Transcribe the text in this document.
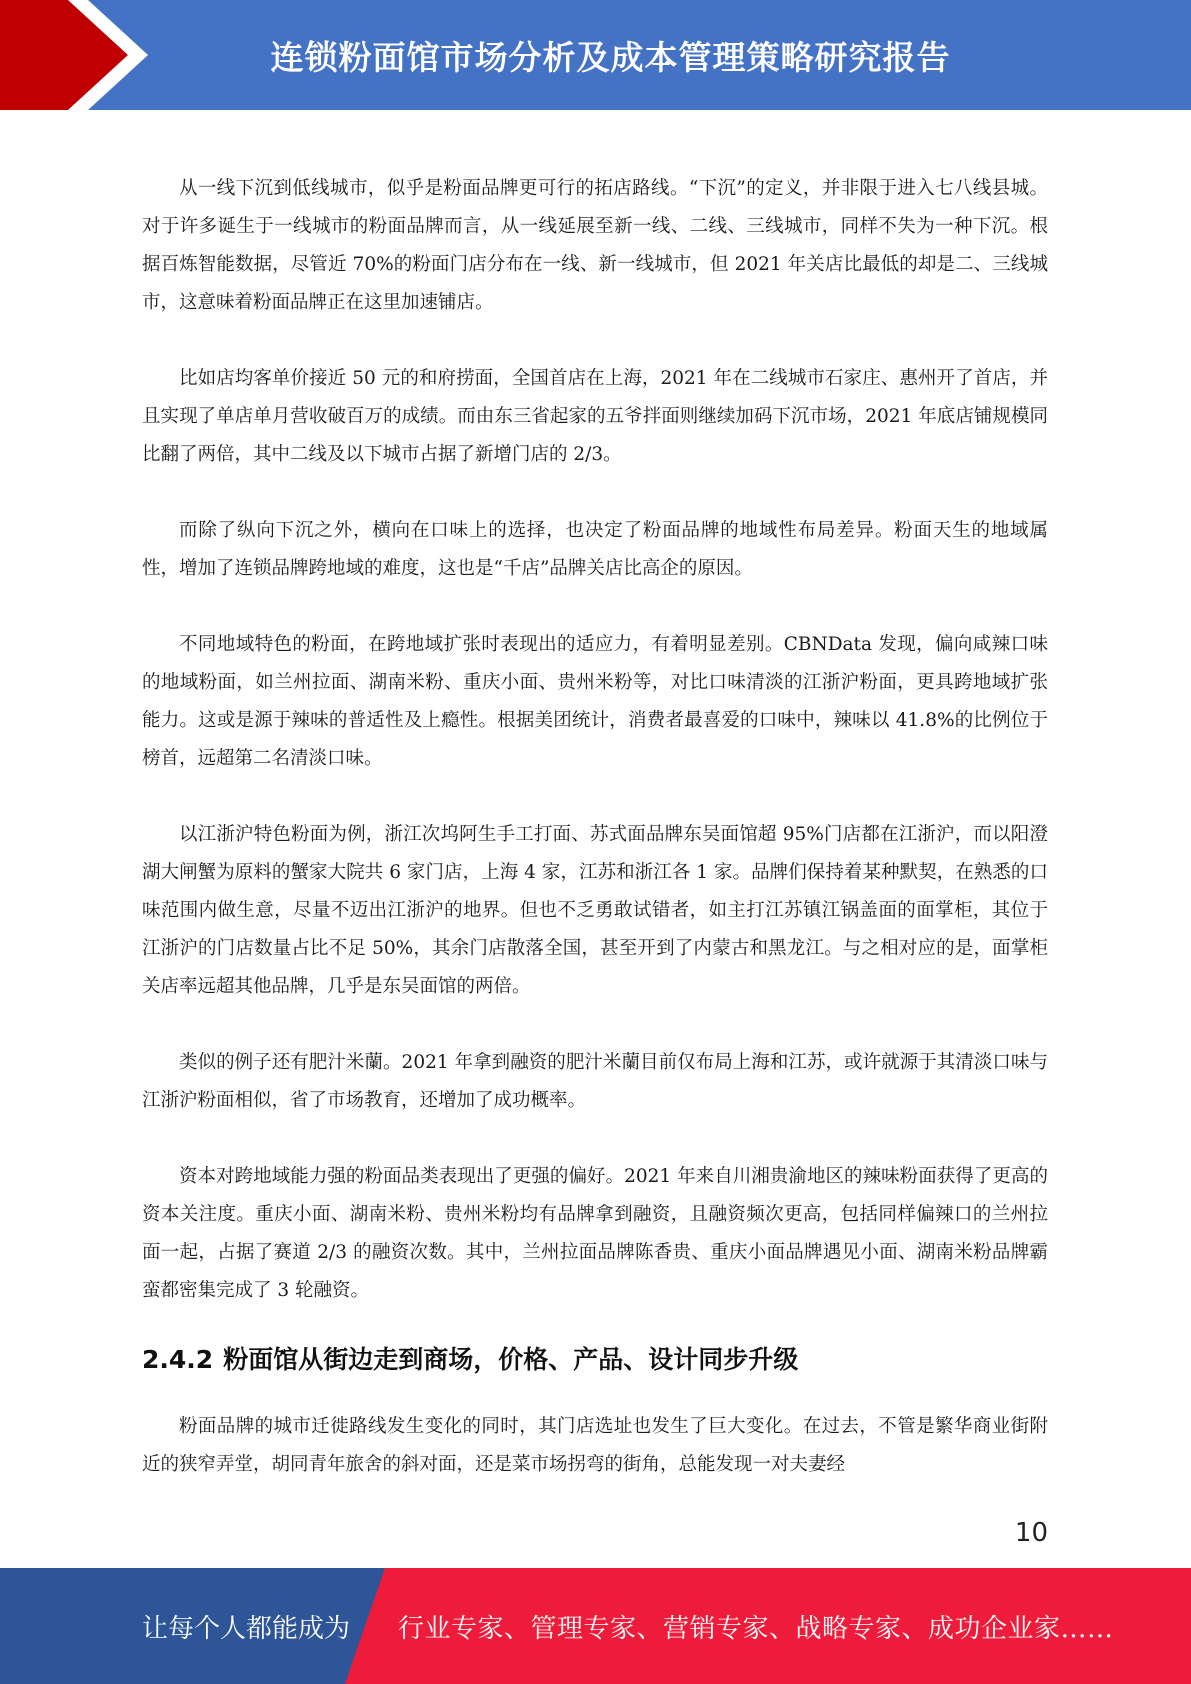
连锁粉面馆市场分析及成本管理策略研究报告

从一线下沉到低线城市，似乎是粉面品牌更可行的拓店路线。“下沉”的定义，并非限于进入七八线县城。对于许多诞生于一线城市的粉面品牌而言，从一线延展至新一线、二线、三线城市，同样不失为一种下沉。根据百炼智能数据，尽管近 70%的粉面门店分布在一线、新一线城市，但 2021 年关店比最低的却是二、三线城市，这意味着粉面品牌正在这里加速铺店。

比如店均客单价接近 50 元的和府捞面，全国首店在上海，2021 年在二线城市石家庄、惠州开了首店，并且实现了单店单月营收破百万的成绩。而由东三省起家的五爷拌面则继续加码下沉市场，2021 年底店铺规模同比翻了两倍，其中二线及以下城市占据了新增门店的 2/3。

而除了纵向下沉之外，横向在口味上的选择，也决定了粉面品牌的地域性布局差异。粉面天生的地域属性，增加了连锁品牌跨地域的难度，这也是“千店”品牌关店比高企的原因。

不同地域特色的粉面，在跨地域扩张时表现出的适应力，有着明显差别。CBNData 发现，偏向咸辣口味的地域粉面，如兰州拉面、湖南米粉、重庆小面、贵州米粉等，对比口味清淡的江浙沪粉面，更具跨地域扩张能力。这或是源于辣味的普适性及上瘾性。根据美团统计，消费者最喜爱的口味中，辣味以 41.8%的比例位于榜首，远超第二名清淡口味。

以江浙沪特色粉面为例，浙江次坞阿生手工打面、苏式面品牌东吴面馆超 95%门店都在江浙沪，而以阳澄湖大闸蟹为原料的蟹家大院共 6 家门店，上海 4 家，江苏和浙江各 1 家。品牌们保持着某种默契，在熟悉的口味范围内做生意，尽量不迈出江浙沪的地界。但也不乏勇敢试错者，如主打江苏镇江锅盖面的面掌柜，其位于江浙沪的门店数量占比不足 50%，其余门店散落全国，甚至开到了内蒙古和黑龙江。与之相对应的是，面掌柜关店率远超其他品牌，几乎是东吴面馆的两倍。

类似的例子还有肥汁米蘭。2021 年拿到融资的肥汁米蘭目前仅布局上海和江苏，或许就源于其清淡口味与江浙沪粉面相似，省了市场教育，还增加了成功概率。

资本对跨地域能力强的粉面品类表现出了更强的偏好。2021 年来自川湘贵渝地区的辣味粉面获得了更高的资本关注度。重庆小面、湖南米粉、贵州米粉均有品牌拿到融资，且融资频次更高，包括同样偏辣口的兰州拉面一起，占据了赛道 2/3 的融资次数。其中，兰州拉面品牌陈香贵、重庆小面品牌遇见小面、湖南米粉品牌霸蛮都密集完成了 3 轮融资。

2.4.2 粉面馆从街边走到商场，价格、产品、设计同步升级

粉面品牌的城市迁徙路线发生变化的同时，其门店选址也发生了巨大变化。在过去，不管是繁华商业街附近的狭窄弄堂，胡同青年旅舍的斜对面，还是菜市场拐弯的街角，总能发现一对夫妻经

10
让每个人都能成为 行业专家、管理专家、营销专家、战略专家、成功企业家……
